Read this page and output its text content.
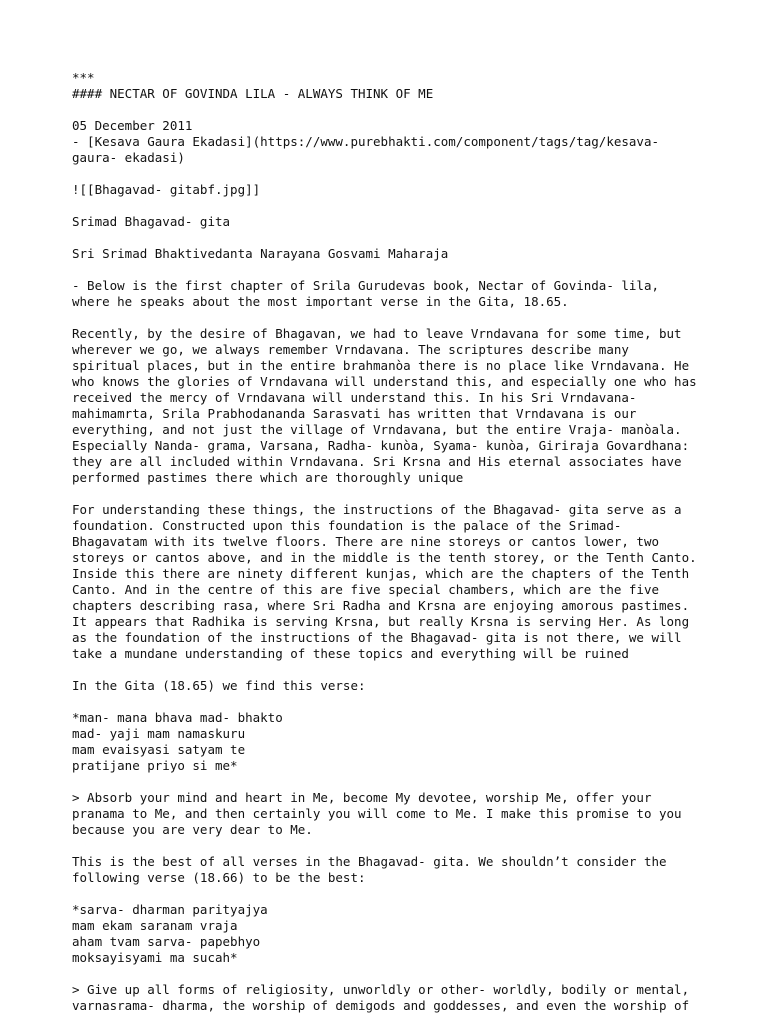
***
#### NECTAR OF GOVINDA LILA - ALWAYS THINK OF ME
05 December 2011
- [Kesava Gaura Ekadasi](https://www.purebhakti.com/component/tags/tag/kesava-
gaura- ekadasi)
![[Bhagavad- gitabf.jpg]]
Srimad Bhagavad- gita
Sri Srimad Bhaktivedanta Narayana Gosvami Maharaja
- Below is the first chapter of Srila Gurudevas book, Nectar of Govinda- lila,
where he speaks about the most important verse in the Gita, 18.65.
Recently, by the desire of Bhagavan, we had to leave Vrndavana for some time, but
wherever we go, we always remember Vrndavana. The scriptures describe many
spiritual places, but in the entire brahmanòa there is no place like Vrndavana. He
who knows the glories of Vrndavana will understand this, and especially one who has
received the mercy of Vrndavana will understand this. In his Sri Vrndavana-
mahimamrta, Srila Prabhodananda Sarasvati has written that Vrndavana is our
everything, and not just the village of Vrndavana, but the entire Vraja- manòala.
Especially Nanda- grama, Varsana, Radha- kunòa, Syama- kunòa, Giriraja Govardhana:
they are all included within Vrndavana. Sri Krsna and His eternal associates have
performed pastimes there which are thoroughly unique
For understanding these things, the instructions of the Bhagavad- gita serve as a
foundation. Constructed upon this foundation is the palace of the Srimad-
Bhagavatam with its twelve floors. There are nine storeys or cantos lower, two
storeys or cantos above, and in the middle is the tenth storey, or the Tenth Canto.
Inside this there are ninety different kunjas, which are the chapters of the Tenth
Canto. And in the centre of this are five special chambers, which are the five
chapters describing rasa, where Sri Radha and Krsna are enjoying amorous pastimes.
It appears that Radhika is serving Krsna, but really Krsna is serving Her. As long
as the foundation of the instructions of the Bhagavad- gita is not there, we will
take a mundane understanding of these topics and everything will be ruined
In the Gita (18.65) we find this verse:
*man- mana bhava mad- bhakto
mad- yaji mam namaskuru
mam evaisyasi satyam te
pratijane priyo si me*
> Absorb your mind and heart in Me, become My devotee, worship Me, offer your
pranama to Me, and then certainly you will come to Me. I make this promise to you
because you are very dear to Me.
This is the best of all verses in the Bhagavad- gita. We shouldn’t consider the
following verse (18.66) to be the best:
*sarva- dharman parityajya
mam ekam saranam vraja
aham tvam sarva- papebhyo
moksayisyami ma sucah*
> Give up all forms of religiosity, unworldly or other- worldly, bodily or mental,
varnasrama- dharma, the worship of demigods and goddesses, and even the worship of
